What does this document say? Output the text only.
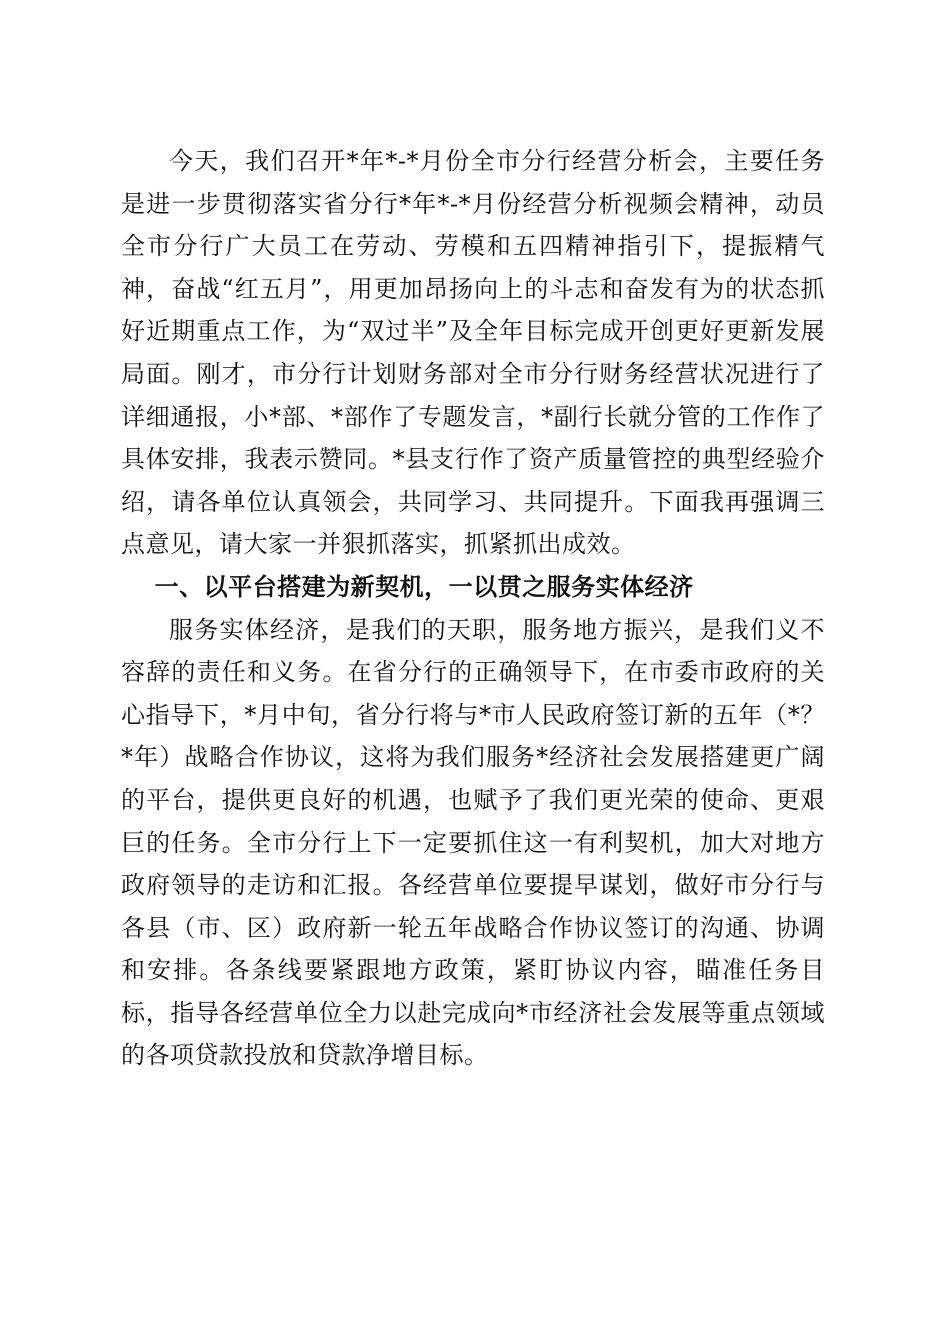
今天，我们召开*年*-*月份全市分行经营分析会，主要任务是进一步贯彻落实省分行*年*-*月份经营分析视频会精神，动员全市分行广大员工在劳动、劳模和五四精神指引下，提振精气神，奋战“红五月”，用更加昂扬向上的斗志和奋发有为的状态抓好近期重点工作，为“双过半”及全年目标完成开创更好更新发展局面。刚才，市分行计划财务部对全市分行财务经营状况进行了详细通报，小*部、*部作了专题发言，*副行长就分管的工作作了具体安排，我表示赞同。*县支行作了资产质量管控的典型经验介绍，请各单位认真领会，共同学习、共同提升。下面我再强调三点意见，请大家一并狠抓落实，抓紧抓出成效。

一、以平台搭建为新契机，一以贯之服务实体经济

服务实体经济，是我们的天职，服务地方振兴，是我们义不容辞的责任和义务。在省分行的正确领导下，在市委市政府的关心指导下，*月中旬，省分行将与*市人民政府签订新的五年（*？*年）战略合作协议，这将为我们服务*经济社会发展搭建更广阔的平台，提供更良好的机遇，也赋予了我们更光荣的使命、更艰巨的任务。全市分行上下一定要抓住这一有利契机，加大对地方政府领导的走访和汇报。各经营单位要提早谋划，做好市分行与各县（市、区）政府新一轮五年战略合作协议签订的沟通、协调和安排。各条线要紧跟地方政策，紧盯协议内容，瞄准任务目标，指导各经营单位全力以赴完成向*市经济社会发展等重点领域的各项贷款投放和贷款净增目标。
